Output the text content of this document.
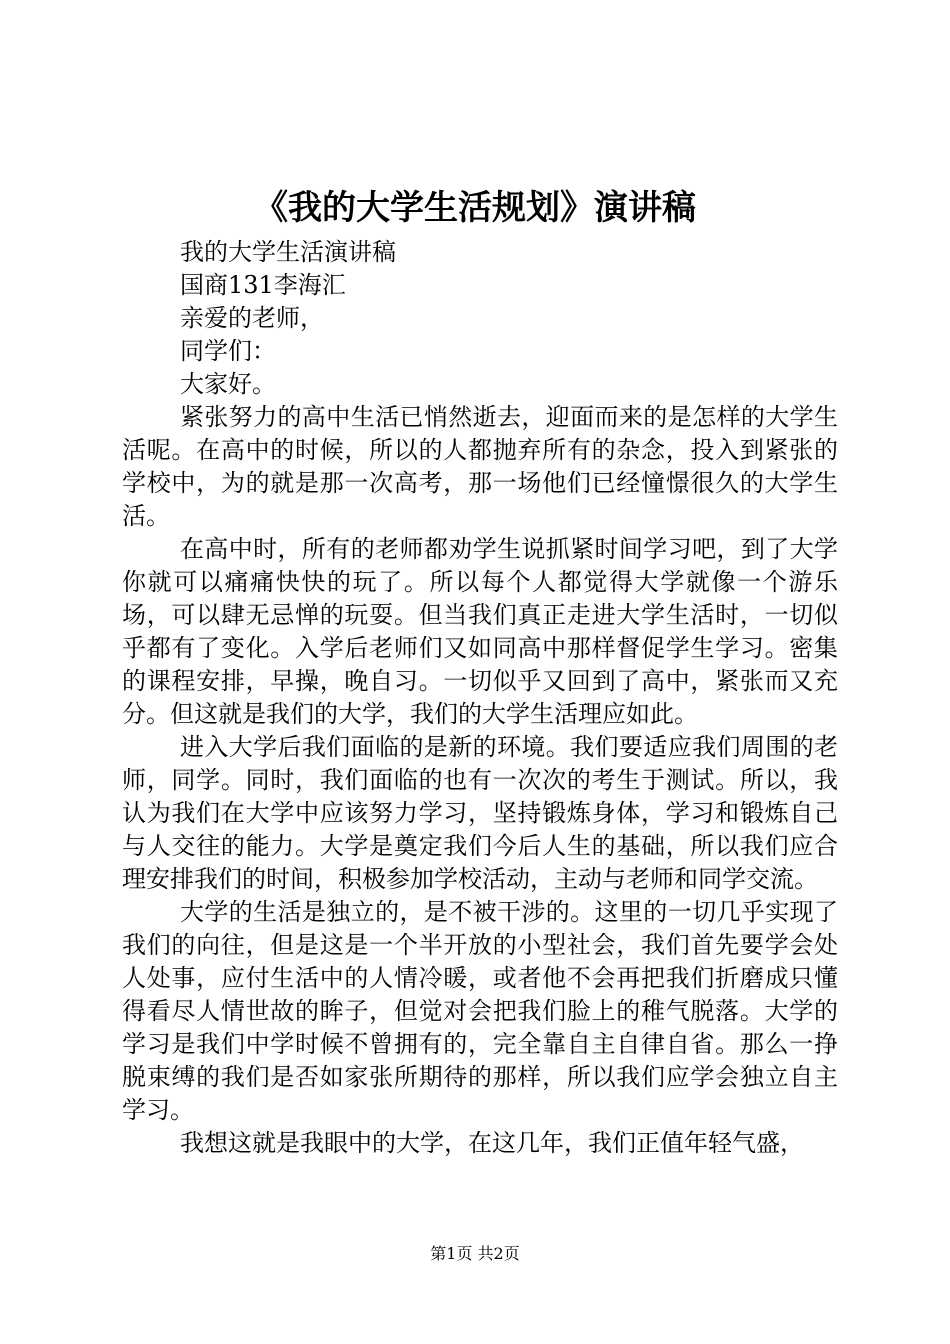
《我的大学生活规划》演讲稿

我的大学生活演讲稿

国商131李海汇

亲爱的老师，

同学们：

大家好。

紧张努力的高中生活已悄然逝去，迎面而来的是怎样的大学生活呢。在高中的时候，所以的人都抛弃所有的杂念，投入到紧张的学校中，为的就是那一次高考，那一场他们已经憧憬很久的大学生活。

在高中时，所有的老师都劝学生说抓紧时间学习吧，到了大学你就可以痛痛快快的玩了。所以每个人都觉得大学就像一个游乐场，可以肆无忌惮的玩耍。但当我们真正走进大学生活时，一切似乎都有了变化。入学后老师们又如同高中那样督促学生学习。密集的课程安排，早操，晚自习。一切似乎又回到了高中，紧张而又充分。但这就是我们的大学，我们的大学生活理应如此。

进入大学后我们面临的是新的环境。我们要适应我们周围的老师，同学。同时，我们面临的也有一次次的考生于测试。所以，我认为我们在大学中应该努力学习，坚持锻炼身体，学习和锻炼自己与人交往的能力。大学是奠定我们今后人生的基础，所以我们应合理安排我们的时间，积极参加学校活动，主动与老师和同学交流。

大学的生活是独立的，是不被干涉的。这里的一切几乎实现了我们的向往，但是这是一个半开放的小型社会，我们首先要学会处人处事，应付生活中的人情冷暖，或者他不会再把我们折磨成只懂得看尽人情世故的眸子，但觉对会把我们脸上的稚气脱落。大学的学习是我们中学时候不曾拥有的，完全靠自主自律自省。那么一挣脱束缚的我们是否如家张所期待的那样，所以我们应学会独立自主学习。

我想这就是我眼中的大学，在这几年，我们正值年轻气盛，

第1页 共2页
